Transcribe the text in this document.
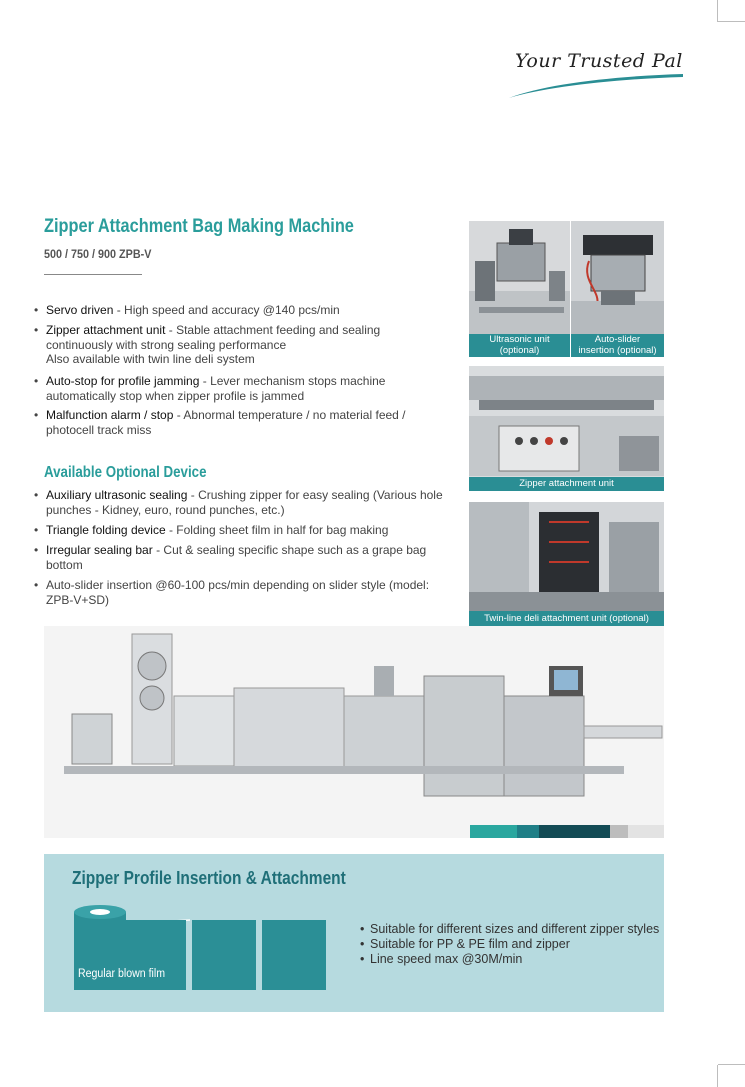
Your Trusted Pal
Zipper Attachment Bag Making Machine
500 / 750 / 900 ZPB-V
• Servo driven - High speed and accuracy @140 pcs/min
• Zipper attachment unit - Stable attachment feeding and sealing continuously with strong sealing performance
Also available with twin line deli system
• Auto-stop for profile jamming - Lever mechanism stops machine automatically stop when zipper profile is jammed
• Malfunction alarm / stop - Abnormal temperature / no material feed / photocell track miss
Available Optional Device
• Auxiliary ultrasonic sealing - Crushing zipper for easy sealing (Various hole punches - Kidney, euro, round punches, etc.)
• Triangle folding device - Folding sheet film in half for bag making
• Irregular sealing bar - Cut & sealing specific shape such as a grape bag bottom
• Auto-slider insertion @60-100 pcs/min depending on slider style (model: ZPB-V+SD)
Ultrasonic unit
(optional)
Auto-slider
insertion (optional)
Zipper attachment unit
Twin-line deli attachment unit (optional)
Zipper Profile Insertion & Attachment
Regular blown film
• Suitable for different sizes and different zipper styles
• Suitable for PP & PE film and zipper
• Line speed max @30M/min
